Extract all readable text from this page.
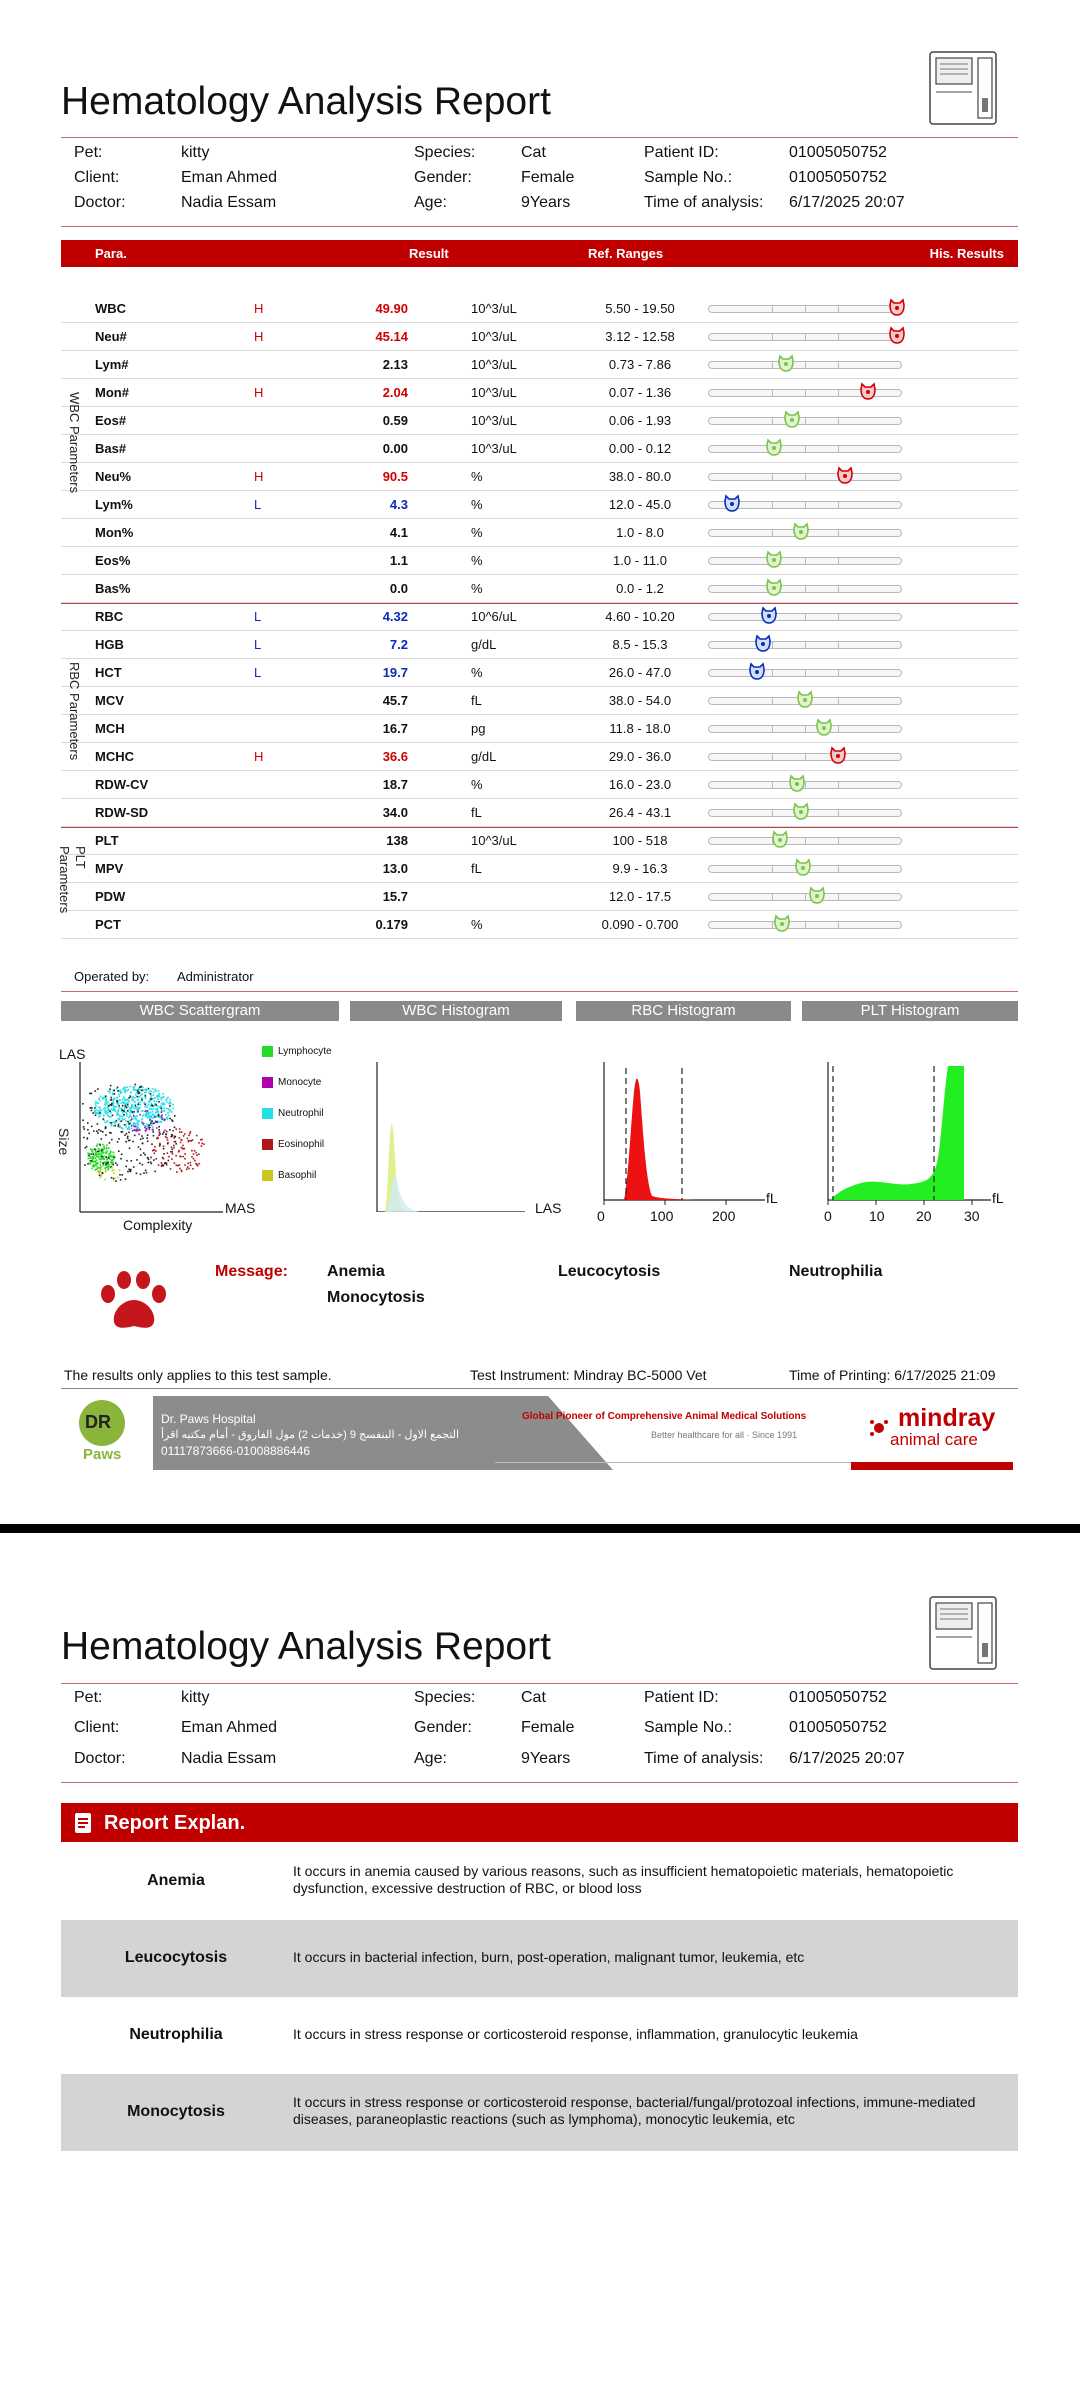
Hematology Analysis Report
Pet:	kitty
Client:	Eman Ahmed
Doctor:	Nadia Essam
Species:	Cat
Gender:	Female
Age:	9Years
Patient ID:	01005050752
Sample No.:	01005050752
Time of analysis: 6/17/2025 20:07
Para.	Result	Ref. Ranges	His. Results
WBC	H	49.90	10^3/uL	5.50 - 19.50
Neu#	H	45.14	10^3/uL	3.12 - 12.58
Lym#	2.13	10^3/uL	0.73 - 7.86
Mon#	H	2.04	10^3/uL	0.07 - 1.36
Eos#	0.59	10^3/uL	0.06 - 1.93
Bas#	0.00	10^3/uL	0.00 - 0.12
Neu%	H	90.5	%	38.0 - 80.0
Lym%	L	4.3	%	12.0 - 45.0
Mon%	4.1	%	1.0 - 8.0
Eos%	1.1	%	1.0 - 11.0
Bas%	0.0	%	0.0 - 1.2
RBC	L	4.32	10^6/uL	4.60 - 10.20
HGB	L	7.2	g/dL	8.5 - 15.3
HCT	L	19.7	%	26.0 - 47.0
MCV	45.7	fL	38.0 - 54.0
MCH	16.7	pg	11.8 - 18.0
MCHC	H	36.6	g/dL	29.0 - 36.0
RDW-CV	18.7	%	16.0 - 23.0
RDW-SD	34.0	fL	26.4 - 43.1
PLT	138	10^3/uL	100 - 518
MPV	13.0	fL	9.9 - 16.3
PDW	15.7	12.0 - 17.5
PCT	0.179	%	0.090 - 0.700
WBC Parameters
RBC Parameters
PLT
Parameters
Operated by: Administrator
WBC Scattergram	WBC Histogram	RBC Histogram	PLT Histogram
LAS
Size
Complexity
MAS
Lymphocyte
Monocyte
Neutrophil
Eosinophil
Basophil
LAS	0	100	200
fL
0	10 20 30
fL
Message: Anemia	Leucocytosis	Neutrophilia
Monocytosis
The results only applies to this test sample.	Test Instrument: Mindray BC-5000 Vet	Time of Printing: 6/17/2025 21:09
DR
Paws
Dr. Paws Hospital
التجمع الاول - البنفسج 9 (خدمات 2) مول الفاروق - أمام مكتبه اقرأ
01117873666-01008886446
Global Pioneer of Comprehensive Animal Medical Solutions
Better healthcare for all · Since 1991
mindray
animal care
Hematology Analysis Report
Pet:	kitty
Client:	Eman Ahmed
Doctor:	Nadia Essam
Species:	Cat
Gender:	Female
Age:	9Years
Patient ID:	01005050752
Sample No.:	01005050752
Time of analysis: 6/17/2025 20:07
Report Explan.
Anemia
It occurs in anemia caused by various reasons, such as insufficient hematopoietic materials, hematopoietic dysfunction, excessive destruction of RBC, or blood loss
Leucocytosis	It occurs in bacterial infection, burn, post-operation, malignant tumor, leukemia, etc
Neutrophilia	It occurs in stress response or corticosteroid response, inflammation, granulocytic leukemia
Monocytosis
It occurs in stress response or corticosteroid response, bacterial/fungal/protozoal infections, immune-mediated diseases, paraneoplastic reactions (such as lymphoma), monocytic leukemia, etc
